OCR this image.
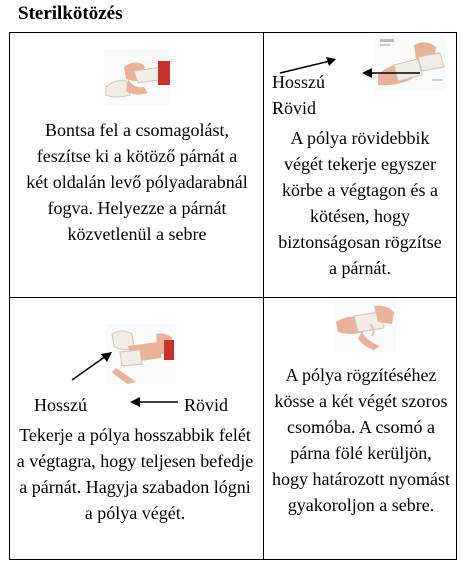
Sterilkötözés
Bontsa fel a csomagolást, feszítse ki a kötöző párnát a két oldalán levő pólyadarabnál fogva. Helyezze a párnát közvetlenül a sebre
Hosszú
Rövid
A pólya rövidebbik végét tekerje egyszer körbe a végtagon és a kötésen, hogy biztonságosan rögzítse a párnát.
Hosszú	Rövid
Tekerje a pólya hosszabbik felét a végtagra, hogy teljesen befedje a párnát. Hagyja szabadon lógni a pólya végét.
A pólya rögzítéséhez kösse a két végét szoros csomóba. A csomó a párna fölé kerüljön, hogy határozott nyomást gyakoroljon a sebre.
